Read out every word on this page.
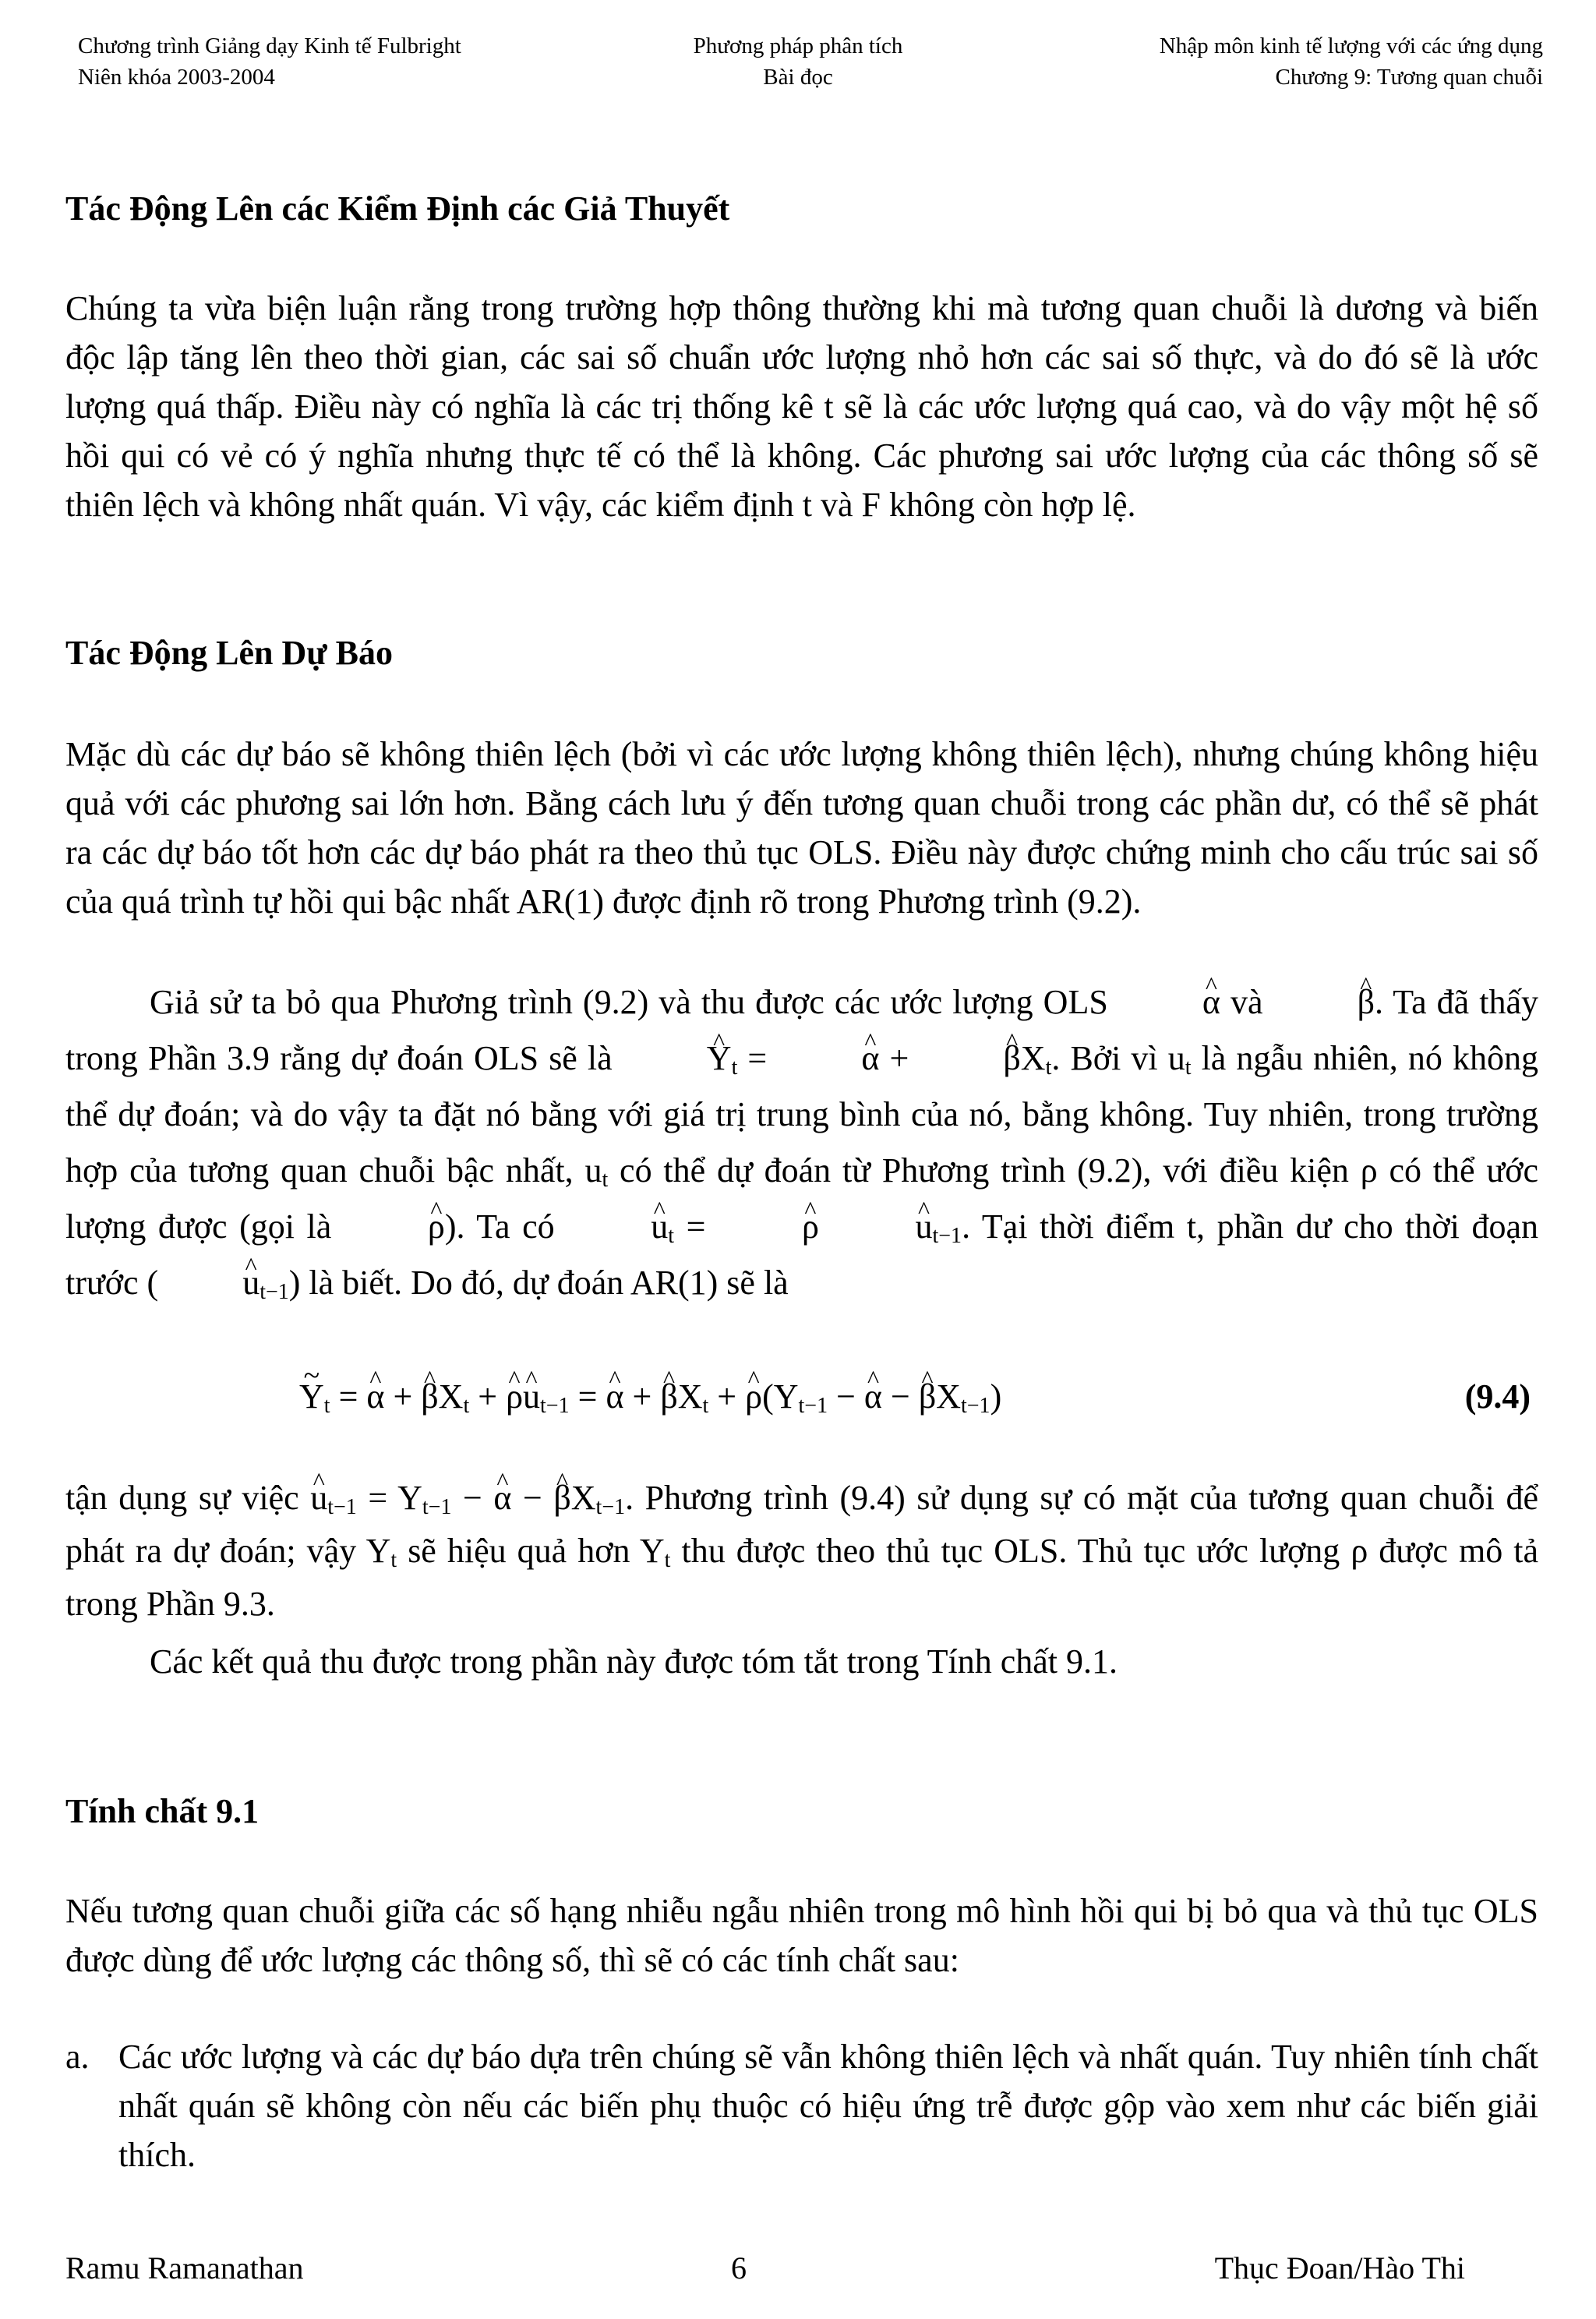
Chương trình Giảng dạy Kinh tế Fulbright
Niên khóa 2003-2004
Phương pháp phân tích
Bài đọc
Nhập môn kinh tế lượng với các ứng dụng
Chương 9: Tương quan chuỗi
Tác Động Lên các Kiểm Định các Giả Thuyết
Chúng ta vừa biện luận rằng trong trường hợp thông thường khi mà tương quan chuỗi là dương và biến độc lập tăng lên theo thời gian, các sai số chuẩn ước lượng nhỏ hơn các sai số thực, và do đó sẽ là ước lượng quá thấp. Điều này có nghĩa là các trị thống kê t sẽ là các ước lượng quá cao, và do vậy một hệ số hồi qui có vẻ có ý nghĩa nhưng thực tế có thể là không. Các phương sai ước lượng của các thông số sẽ thiên lệch và không nhất quán. Vì vậy, các kiểm định t và F không còn hợp lệ.
Tác Động Lên Dự Báo
Mặc dù các dự báo sẽ không thiên lệch (bởi vì các ước lượng không thiên lệch), nhưng chúng không hiệu quả với các phương sai lớn hơn. Bằng cách lưu ý đến tương quan chuỗi trong các phần dư, có thể sẽ phát ra các dự báo tốt hơn các dự báo phát ra theo thủ tục OLS. Điều này được chứng minh cho cấu trúc sai số của quá trình tự hồi qui bậc nhất AR(1) được định rõ trong Phương trình (9.2).
Giả sử ta bỏ qua Phương trình (9.2) và thu được các ước lượng OLS	^ α và	^ β. Ta đã thấy trong Phần 3.9 rằng dự đoán OLS sẽ là	^ $Y_t$ = ^ α + ^ $\beta X_t$. Bởi vì $u_t$ là ngẫu nhiên, nó không thể dự đoán; và do vậy ta đặt nó bằng với giá trị trung bình của nó, bằng không. Tuy nhiên, trong trường hợp của tương quan chuỗi bậc nhất, $u_t$ có thể dự đoán từ Phương trình (9.2), với điều kiện ρ có thể ước lượng được (gọi là	^ ρ). Ta có	^ $u_t$ = ^ ρ	^ $u_{t-1}$. Tại thời điểm t, phần dư cho thời đoạn trước ( ^ $u_{t-1}$) là biết. Do đó, dự đoán AR(1) sẽ là
~ $Y_t$ = ^ α + ^ $\beta X_t$ + ^ ρ^ $u_{t-1}$ = ^ α + ^ $\beta X_t$ + ^ $\rho(Y_{t-1}$ − ^ α − ^ $\beta X_{t-1}$)	(9.4)
tận dụng sự việc ^ $u_{t-1} = Y_{t-1}$ − ^ α − ^ $\beta X_{t-1}$. Phương trình (9.4) sử dụng sự có mặt của tương quan chuỗi để phát ra dự đoán; vậy $Y_t$ sẽ hiệu quả hơn $Y_t$ thu được theo thủ tục OLS. Thủ tục ước lượng ρ được mô tả trong Phần 9.3.
Các kết quả thu được trong phần này được tóm tắt trong Tính chất 9.1.
Tính chất 9.1
Nếu tương quan chuỗi giữa các số hạng nhiễu ngẫu nhiên trong mô hình hồi qui bị bỏ qua và thủ tục OLS được dùng để ước lượng các thông số, thì sẽ có các tính chất sau:
a. Các ước lượng và các dự báo dựa trên chúng sẽ vẫn không thiên lệch và nhất quán. Tuy nhiên tính chất nhất quán sẽ không còn nếu các biến phụ thuộc có hiệu ứng trễ được gộp vào xem như các biến giải thích.
Ramu Ramanathan	6	Thục Đoan/Hào Thi
